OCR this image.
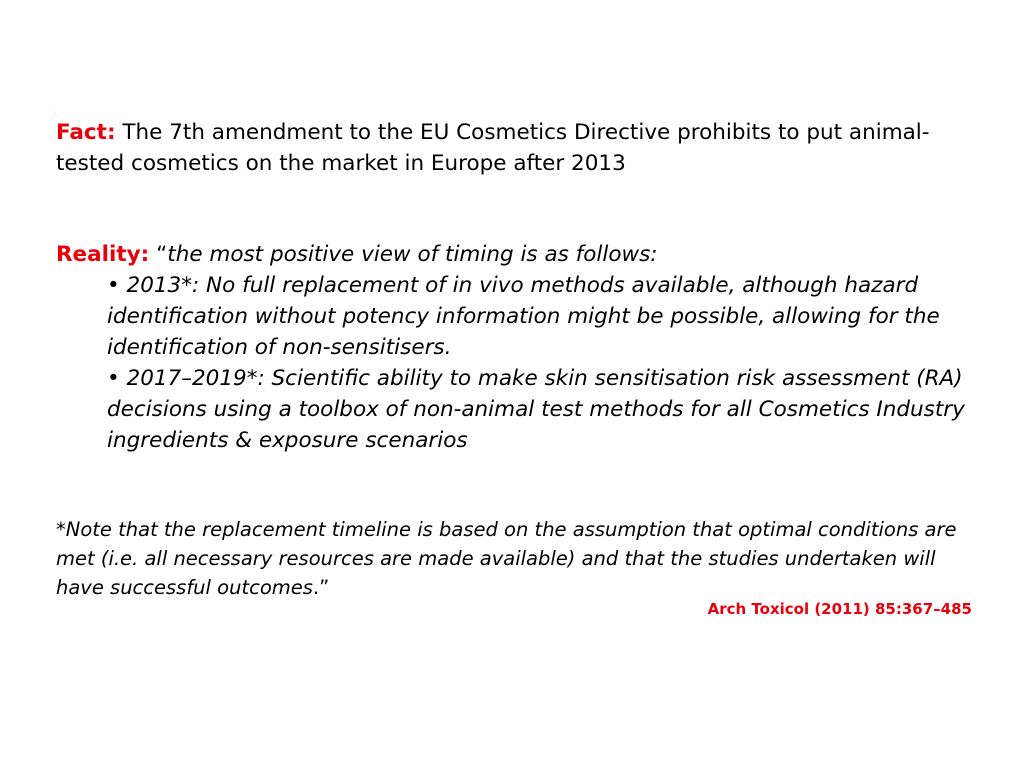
Fact: The 7th amendment to the EU Cosmetics Directive prohibits to put animal-tested cosmetics on the market in Europe after 2013
Reality: “the most positive view of timing is as follows:
• 2013*: No full replacement of in vivo methods available, although hazard identification without potency information might be possible, allowing for the identification of non-sensitisers.
• 2017–2019*: Scientific ability to make skin sensitisation risk assessment (RA) decisions using a toolbox of non-animal test methods for all Cosmetics Industry ingredients & exposure scenarios
*Note that the replacement timeline is based on the assumption that optimal conditions are met (i.e. all necessary resources are made available) and that the studies undertaken will have successful outcomes.”
Arch Toxicol (2011) 85:367–485
